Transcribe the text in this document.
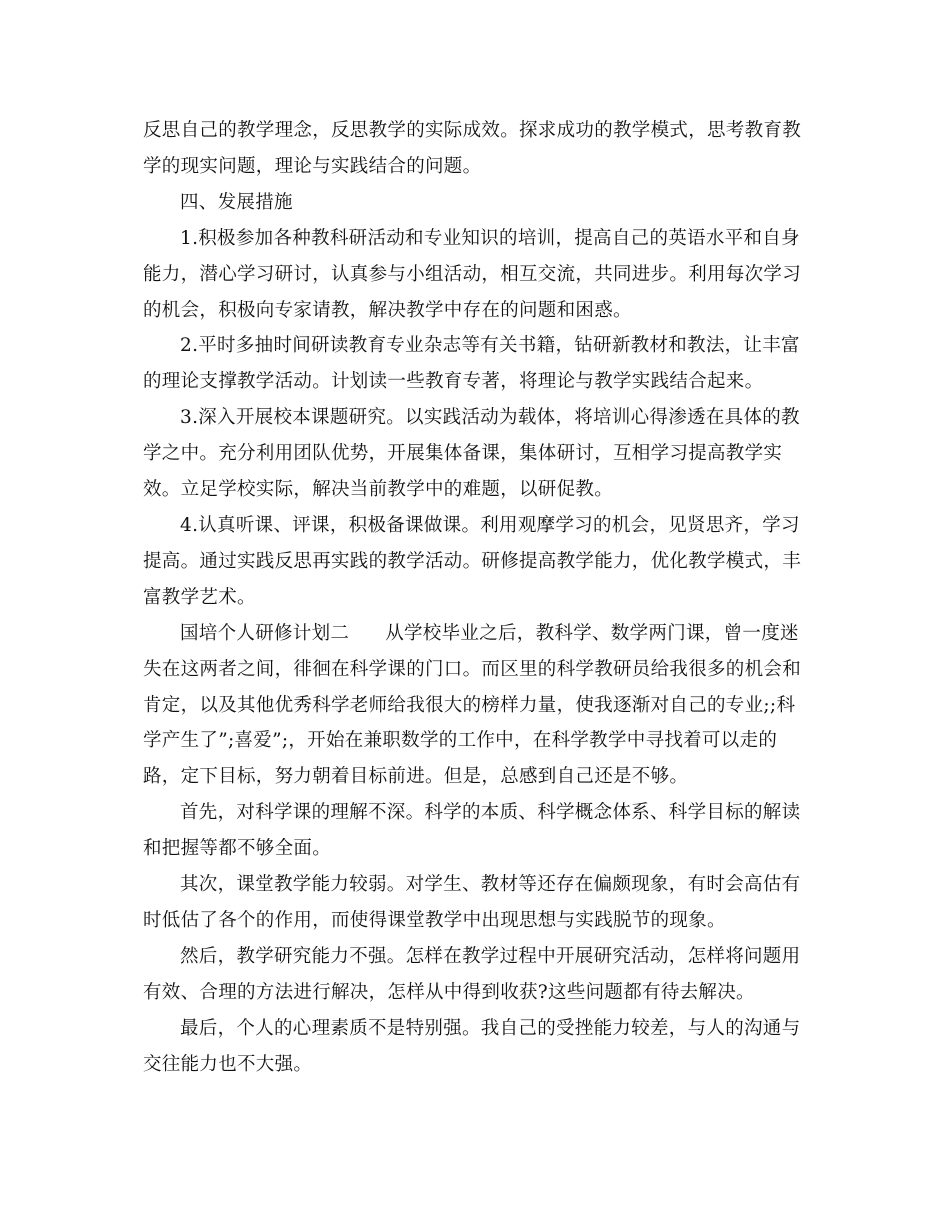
反思自己的教学理念，反思教学的实际成效。探求成功的教学模式，思考教育教学的现实问题，理论与实践结合的问题。

四、发展措施

1.积极参加各种教科研活动和专业知识的培训，提高自己的英语水平和自身能力，潜心学习研讨，认真参与小组活动，相互交流，共同进步。利用每次学习的机会，积极向专家请教，解决教学中存在的问题和困惑。

2.平时多抽时间研读教育专业杂志等有关书籍，钻研新教材和教法，让丰富的理论支撑教学活动。计划读一些教育专著，将理论与教学实践结合起来。

3.深入开展校本课题研究。以实践活动为载体，将培训心得渗透在具体的教学之中。充分利用团队优势，开展集体备课，集体研讨，互相学习提高教学实效。立足学校实际，解决当前教学中的难题，以研促教。

4.认真听课、评课，积极备课做课。利用观摩学习的机会，见贤思齐，学习提高。通过实践反思再实践的教学活动。研修提高教学能力，优化教学模式，丰富教学艺术。

国培个人研修计划二 从学校毕业之后，教科学、数学两门课，曾一度迷失在这两者之间，徘徊在科学课的门口。而区里的科学教研员给我很多的机会和肯定，以及其他优秀科学老师给我很大的榜样力量，使我逐渐对自己的专业;;科学产生了”;喜爱”;，开始在兼职数学的工作中，在科学教学中寻找着可以走的路，定下目标，努力朝着目标前进。但是，总感到自己还是不够。

首先，对科学课的理解不深。科学的本质、科学概念体系、科学目标的解读和把握等都不够全面。

其次，课堂教学能力较弱。对学生、教材等还存在偏颇现象，有时会高估有时低估了各个的作用，而使得课堂教学中出现思想与实践脱节的现象。

然后，教学研究能力不强。怎样在教学过程中开展研究活动，怎样将问题用有效、合理的方法进行解决，怎样从中得到收获?这些问题都有待去解决。

最后，个人的心理素质不是特别强。我自己的受挫能力较差，与人的沟通与交往能力也不大强。
